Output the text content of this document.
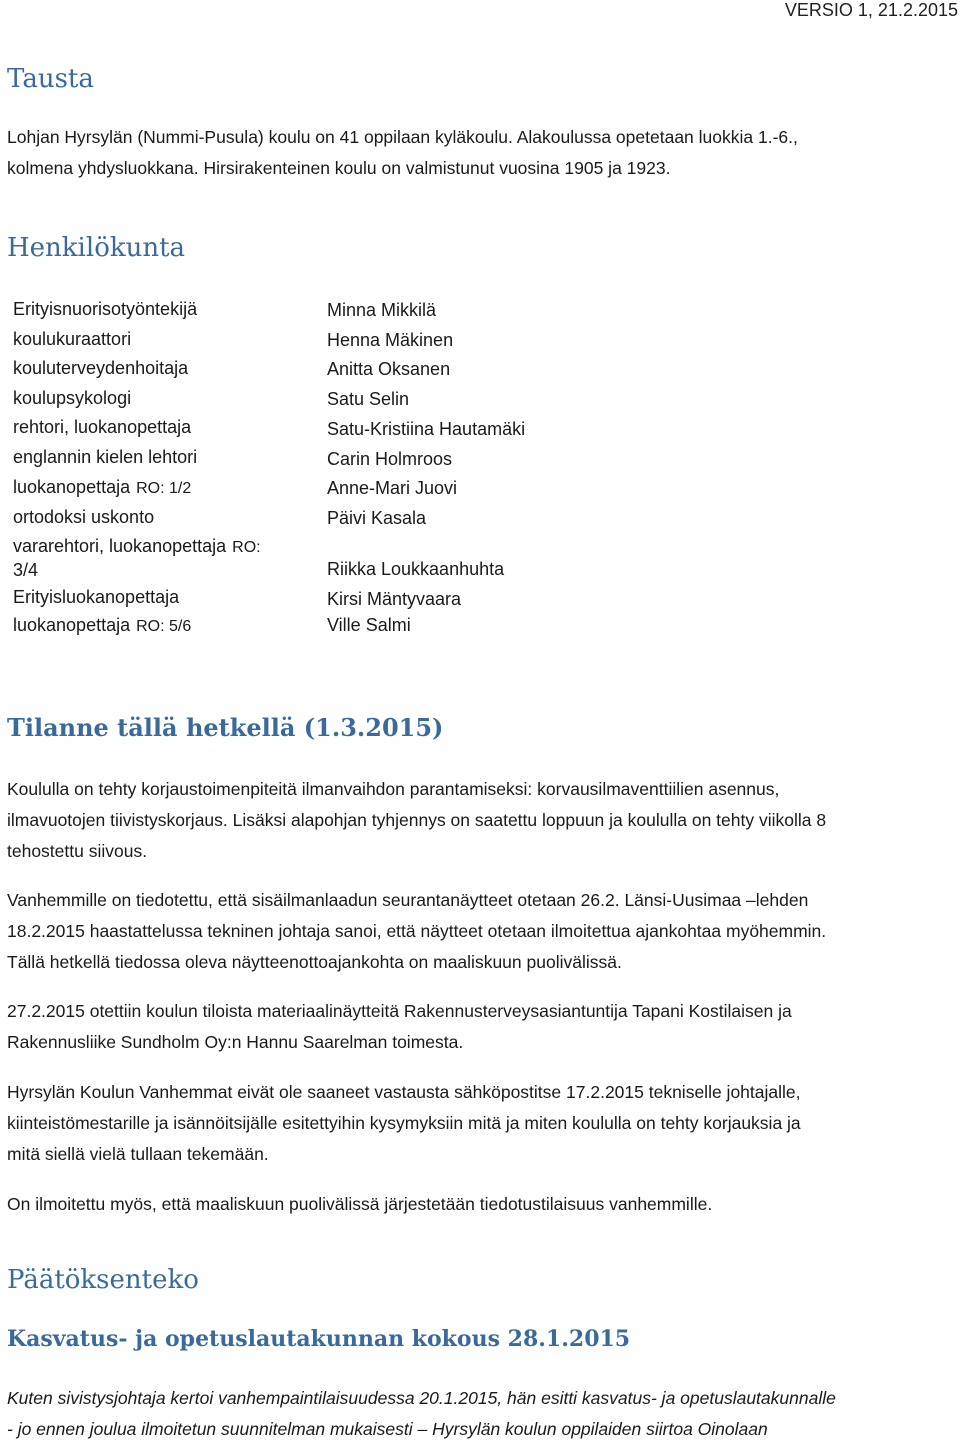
VERSIO 1, 21.2.2015
Tausta

Lohjan Hyrsylän (Nummi-Pusula) koulu on 41 oppilaan kyläkoulu. Alakoulussa opetetaan luokkia 1.-6.,

kolmena yhdysluokkana. Hirsirakenteinen koulu on valmistunut vuosina 1905 ja 1923.

Henkilökunta

Erityisnuorisotyöntekijä	Minna Mikkilä

koulukuraattori	Henna Mäkinen

kouluterveydenhoitaja	Anitta Oksanen

koulupsykologi	Satu Selin

rehtori, luokanopettaja	Satu-Kristiina Hautamäki

englannin kielen lehtori	Carin Holmroos

luokanopettaja RO: 1/2	Anne-Mari Juovi

ortodoksi uskonto	Päivi Kasala

vararehtori, luokanopettaja RO:

3/4	Riikka Loukkaanhuhta

Erityisluokanopettaja	Kirsi Mäntyvaara

luokanopettaja RO: 5/6	Ville Salmi

Tilanne tällä hetkellä (1.3.2015)

Koululla on tehty korjaustoimenpiteitä ilmanvaihdon parantamiseksi: korvausilmaventtiilien asennus,

ilmavuotojen tiivistyskorjaus. Lisäksi alapohjan tyhjennys on saatettu loppuun ja koululla on tehty viikolla 8

tehostettu siivous.

Vanhemmille on tiedotettu, että sisäilmanlaadun seurantanäytteet otetaan 26.2. Länsi-Uusimaa –lehden

18.2.2015 haastattelussa tekninen johtaja sanoi, että näytteet otetaan ilmoitettua ajankohtaa myöhemmin.

Tällä hetkellä tiedossa oleva näytteenottoajankohta on maaliskuun puolivälissä.

27.2.2015 otettiin koulun tiloista materiaalinäytteitä Rakennusterveysasiantuntija Tapani Kostilaisen ja

Rakennusliike Sundholm Oy:n Hannu Saarelman toimesta.

Hyrsylän Koulun Vanhemmat eivät ole saaneet vastausta sähköpostitse 17.2.2015 tekniselle johtajalle,

kiinteistömestarille ja isännöitsijälle esitettyihin kysymyksiin mitä ja miten koululla on tehty korjauksia ja

mitä siellä vielä tullaan tekemään.

On ilmoitettu myös, että maaliskuun puolivälissä järjestetään tiedotustilaisuus vanhemmille.

Päätöksenteko
Kasvatus- ja opetuslautakunnan kokous 28.1.2015

Kuten sivistysjohtaja kertoi vanhempaintilaisuudessa 20.1.2015, hän esitti kasvatus- ja opetuslautakunnalle

- jo ennen joulua ilmoitetun suunnitelman mukaisesti – Hyrsylän koulun oppilaiden siirtoa Oinolaan
